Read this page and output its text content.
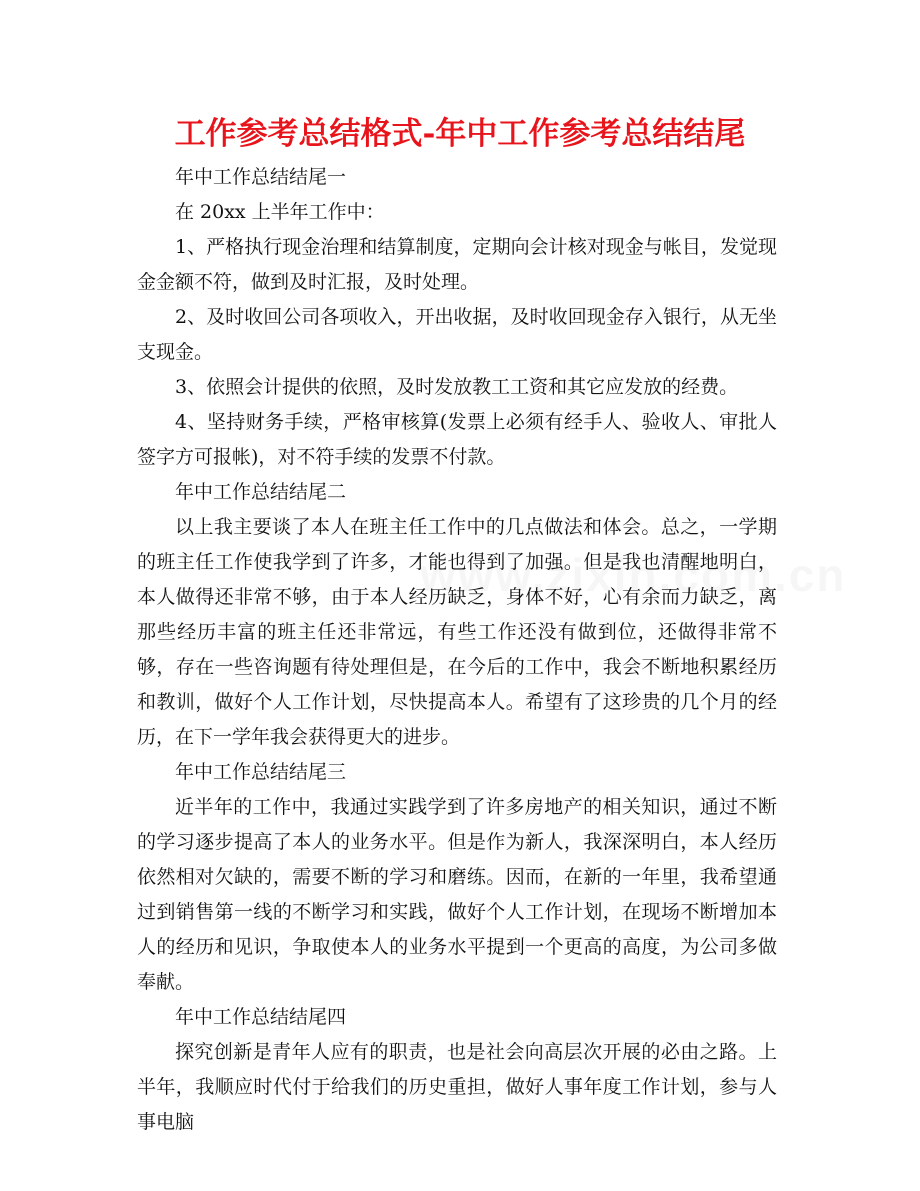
工作参考总结格式-年中工作参考总结结尾

年中工作总结结尾一

在 20xx 上半年工作中：

1、严格执行现金治理和结算制度，定期向会计核对现金与帐目，发觉现金金额不符，做到及时汇报，及时处理。

2、及时收回公司各项收入，开出收据，及时收回现金存入银行，从无坐支现金。

3、依照会计提供的依照，及时发放教工工资和其它应发放的经费。

4、坚持财务手续，严格审核算(发票上必须有经手人、验收人、审批人签字方可报帐)，对不符手续的发票不付款。

年中工作总结结尾二

以上我主要谈了本人在班主任工作中的几点做法和体会。总之，一学期的班主任工作使我学到了许多，才能也得到了加强。但是我也清醒地明白，本人做得还非常不够，由于本人经历缺乏，身体不好，心有余而力缺乏，离那些经历丰富的班主任还非常远，有些工作还没有做到位，还做得非常不够，存在一些咨询题有待处理但是，在今后的工作中，我会不断地积累经历和教训，做好个人工作计划，尽快提高本人。希望有了这珍贵的几个月的经历，在下一学年我会获得更大的进步。

年中工作总结结尾三

近半年的工作中，我通过实践学到了许多房地产的相关知识，通过不断的学习逐步提高了本人的业务水平。但是作为新人，我深深明白，本人经历依然相对欠缺的，需要不断的学习和磨练。因而，在新的一年里，我希望通过到销售第一线的不断学习和实践，做好个人工作计划，在现场不断增加本人的经历和见识，争取使本人的业务水平提到一个更高的高度，为公司多做奉献。

年中工作总结结尾四

探究创新是青年人应有的职责，也是社会向高层次开展的必由之路。上半年，我顺应时代付于给我们的历史重担，做好人事年度工作计划，参与人事电脑
